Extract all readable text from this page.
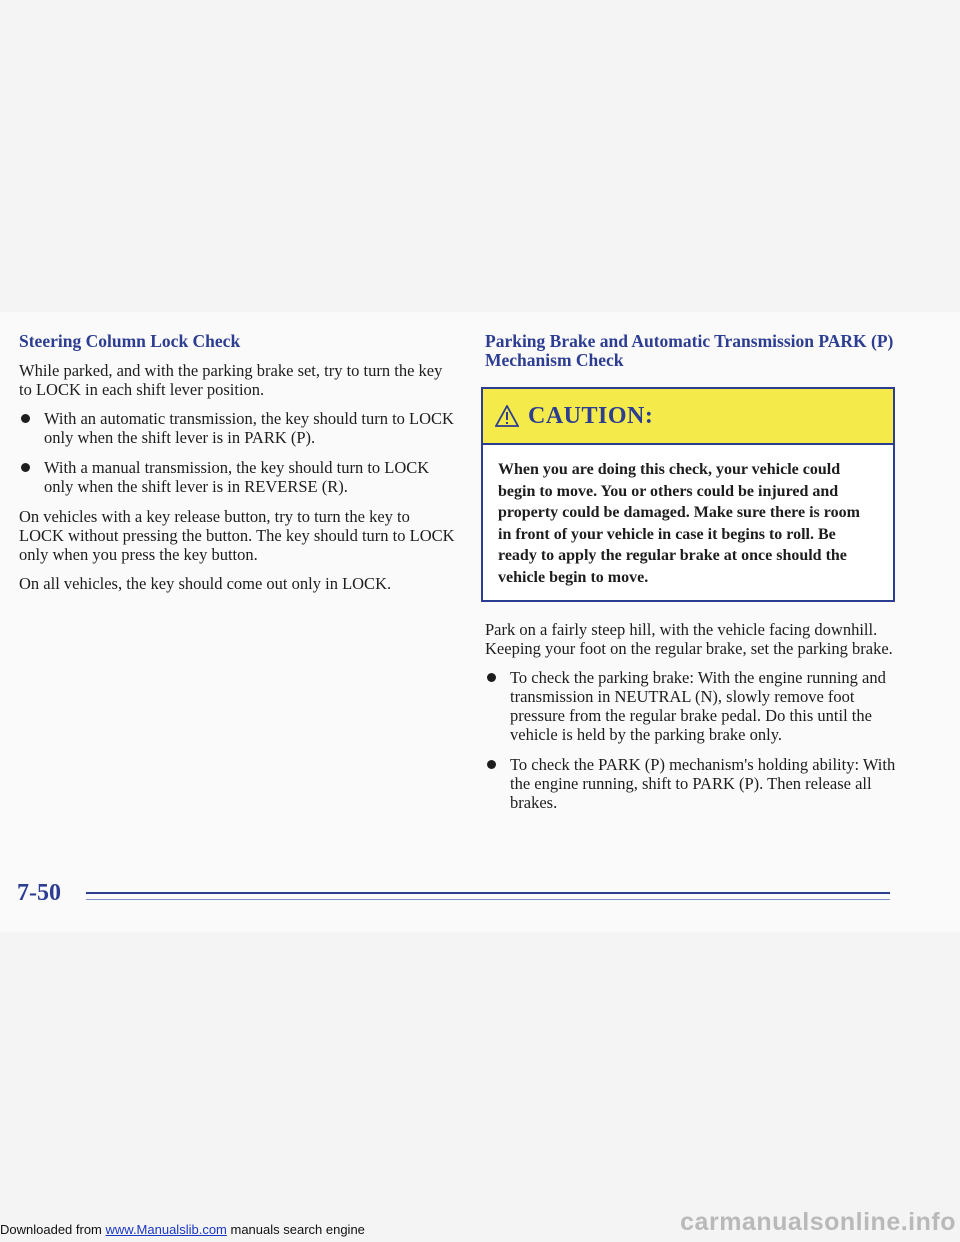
Steering Column Lock Check

While parked, and with the parking brake set, try to turn the key to LOCK in each shift lever position.

With an automatic transmission, the key should turn to LOCK only when the shift lever is in PARK (P).
With a manual transmission, the key should turn to LOCK only when the shift lever is in REVERSE (R).

On vehicles with a key release button, try to turn the key to LOCK without pressing the button. The key should turn to LOCK only when you press the key button.

On all vehicles, the key should come out only in LOCK.

Parking Brake and Automatic Transmission PARK (P) Mechanism Check
CAUTION:
When you are doing this check, your vehicle could begin to move. You or others could be injured and property could be damaged. Make sure there is room in front of your vehicle in case it begins to roll. Be ready to apply the regular brake at once should the vehicle begin to move.

Park on a fairly steep hill, with the vehicle facing downhill. Keeping your foot on the regular brake, set the parking brake.

To check the parking brake: With the engine running and transmission in NEUTRAL (N), slowly remove foot pressure from the regular brake pedal. Do this until the vehicle is held by the parking brake only.
To check the PARK (P) mechanism's holding ability: With the engine running, shift to PARK (P). Then release all brakes.
7-50
Downloaded from www.Manualslib.com manuals search engine	carmanualsonline.info
